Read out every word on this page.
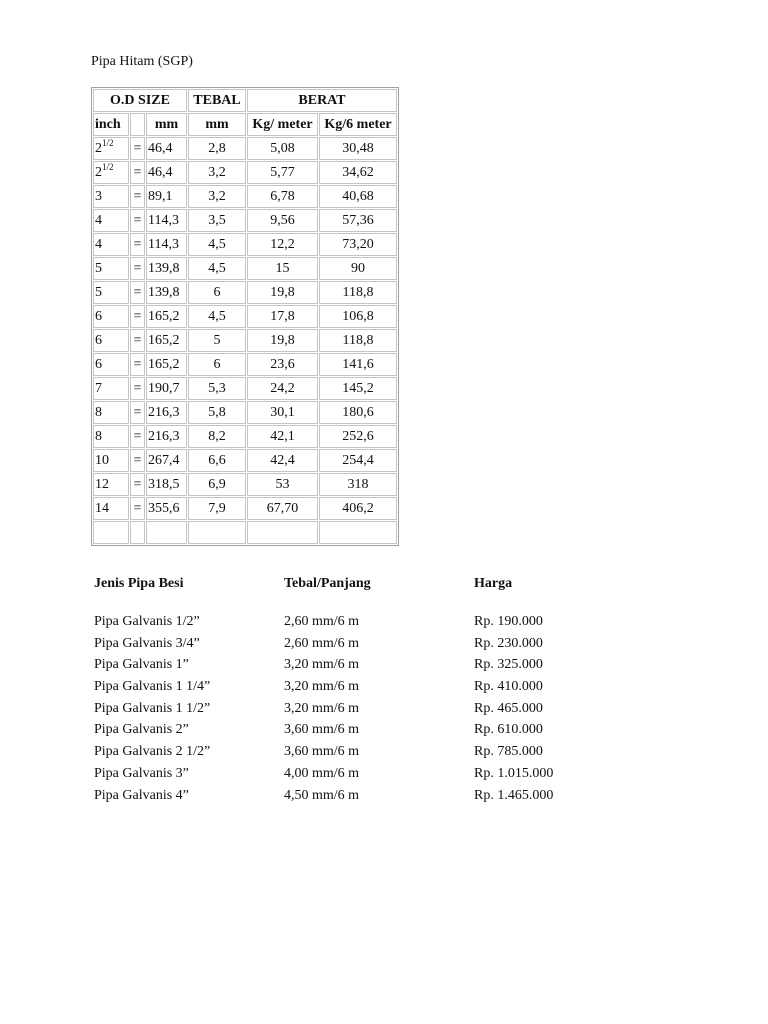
Pipa Hitam (SGP)
O.D SIZE			TEBAL	BERAT	
inch		mm	mm	Kg/ meter	Kg/6 meter
$2^{1/2}$	=	46,4	2,8	5,08	30,48
$2^{1/2}$	=	46,4	3,2	5,77	34,62
3	=	89,1	3,2	6,78	40,68
4	=	114,3	3,5	9,56	57,36
4	=	114,3	4,5	12,2	73,20
5	=	139,8	4,5	15	90
5	=	139,8	6	19,8	118,8
6	=	165,2	4,5	17,8	106,8
6	=	165,2	5	19,8	118,8
6	=	165,2	6	23,6	141,6
7	=	190,7	5,3	24,2	145,2
8	=	216,3	5,8	30,1	180,6
8	=	216,3	8,2	42,1	252,6
10	=	267,4	6,6	42,4	254,4
12	=	318,5	6,9	53	318
14	=	355,6	7,9	67,70	406,2

Jenis Pipa Besi	Tebal/Panjang	Harga
Pipa Galvanis 1/2”	2,60 mm/6 m	Rp. 190.000
Pipa Galvanis 3/4”	2,60 mm/6 m	Rp. 230.000
Pipa Galvanis 1”	3,20 mm/6 m	Rp. 325.000
Pipa Galvanis 1 1/4”	3,20 mm/6 m	Rp. 410.000
Pipa Galvanis 1 1/2”	3,20 mm/6 m	Rp. 465.000
Pipa Galvanis 2”	3,60 mm/6 m	Rp. 610.000
Pipa Galvanis 2 1/2”	3,60 mm/6 m	Rp. 785.000
Pipa Galvanis 3”	4,00 mm/6 m	Rp. 1.015.000
Pipa Galvanis 4”	4,50 mm/6 m	Rp. 1.465.000
